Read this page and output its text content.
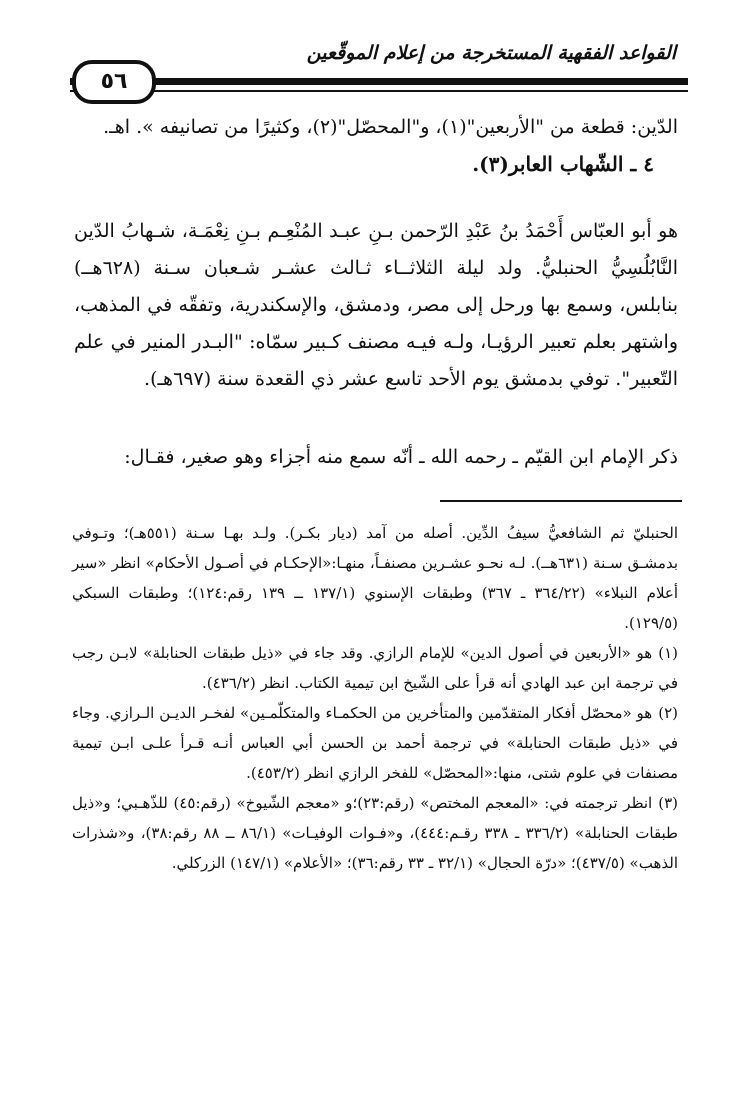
القواعد الفقهية المستخرجة من إعلام الموقّعين
٥٦
الدّين: قطعة من "الأربعين"(١)، و"المحصّل"(٢)، وكثيرًا من تصانيفه ». اهـ.
٤ ـ الشّهاب العابر(٣).
هو أبو العبّاس أَحْمَدُ بنُ عَبْدِ الرّحمن بـنِ عبـد المُنْعِـم بـنِ نِعْمَـة، شـهابُ الدّين النَّابُلُسِيُّ الحنبليُّ. ولد ليلة الثلاثــاء ثـالث عشـر شـعبان سـنة (٦٢٨هــ) بنابلس، وسمع بها ورحل إلى مصر، ودمشق، والإسكندرية، وتفقّه في المذهب، واشتهر بعلم تعبير الرؤيـا، ولـه فيـه مصنف كـبير سمّاه: "البـدر المنير في علم التّعبير". توفي بدمشق يوم الأحد تاسع عشر ذي القعدة سنة (٦٩٧هـ).
ذكر الإمام ابن القيّم ـ رحمه الله ـ أنّه سمع منه أجزاء وهو صغير، فقـال:

الحنبليّ ثم الشافعيُّ سيفُ الدِّين. أصله من آمد (ديار بكـر). ولـد بهـا سـنة (٥٥١هـ)؛ وتـوفي بدمشـق سـنة (٦٣١هــ). لـه نحـو عشـرين مصنفـاً، منهـا:«الإحكـام في أصـول الأحكام» انظر «سير أعلام النبلاء» (٣٦٤/٢٢ ـ ٣٦٧) وطبقات الإسنوي (١٣٧/١ ــ ١٣٩ رقم:١٢٤)؛ وطبقات السبكي (١٢٩/٥).

(١)هو «الأربعين في أصول الدين» للإمام الرازي. وقد جاء في «ذيل طبقات الحنابلة» لابـن رجب في ترجمة ابن عبد الهادي أنه قرأ على الشّيخ ابن تيمية الكتاب. انظر (٤٣٦/٢).

(٢)هو «محصّل أفكار المتقدّمين والمتأخرين من الحكمـاء والمتكلّمـين» لفخـر الديـن الـرازي. وجاء في «ذيل طبقات الحنابلة» في ترجمة أحمد بن الحسن أبي العباس أنـه قـرأ علـى ابـن تيمية مصنفات في علوم شتى، منها:«المحصّل» للفخر الرازي انظر (٤٥٣/٢).

(٣)انظر ترجمته في: «المعجم المختص» (رقم:٢٣)؛و «معجم الشّيوخ» (رقم:٤٥) للذّهـبي؛ و«ذيل طبقات الحنابلة» (٣٣٦/٢ ـ ٣٣٨ رقـم:٤٤٤)، و«فـوات الوفيـات» (٨٦/١ ــ ٨٨ رقم:٣٨)، و«شذرات الذهب» (٤٣٧/٥)؛ «درّة الحجال» (٣٢/١ ـ ٣٣ رقم:٣٦)؛ «الأعلام» (١٤٧/١) الزركلي.
